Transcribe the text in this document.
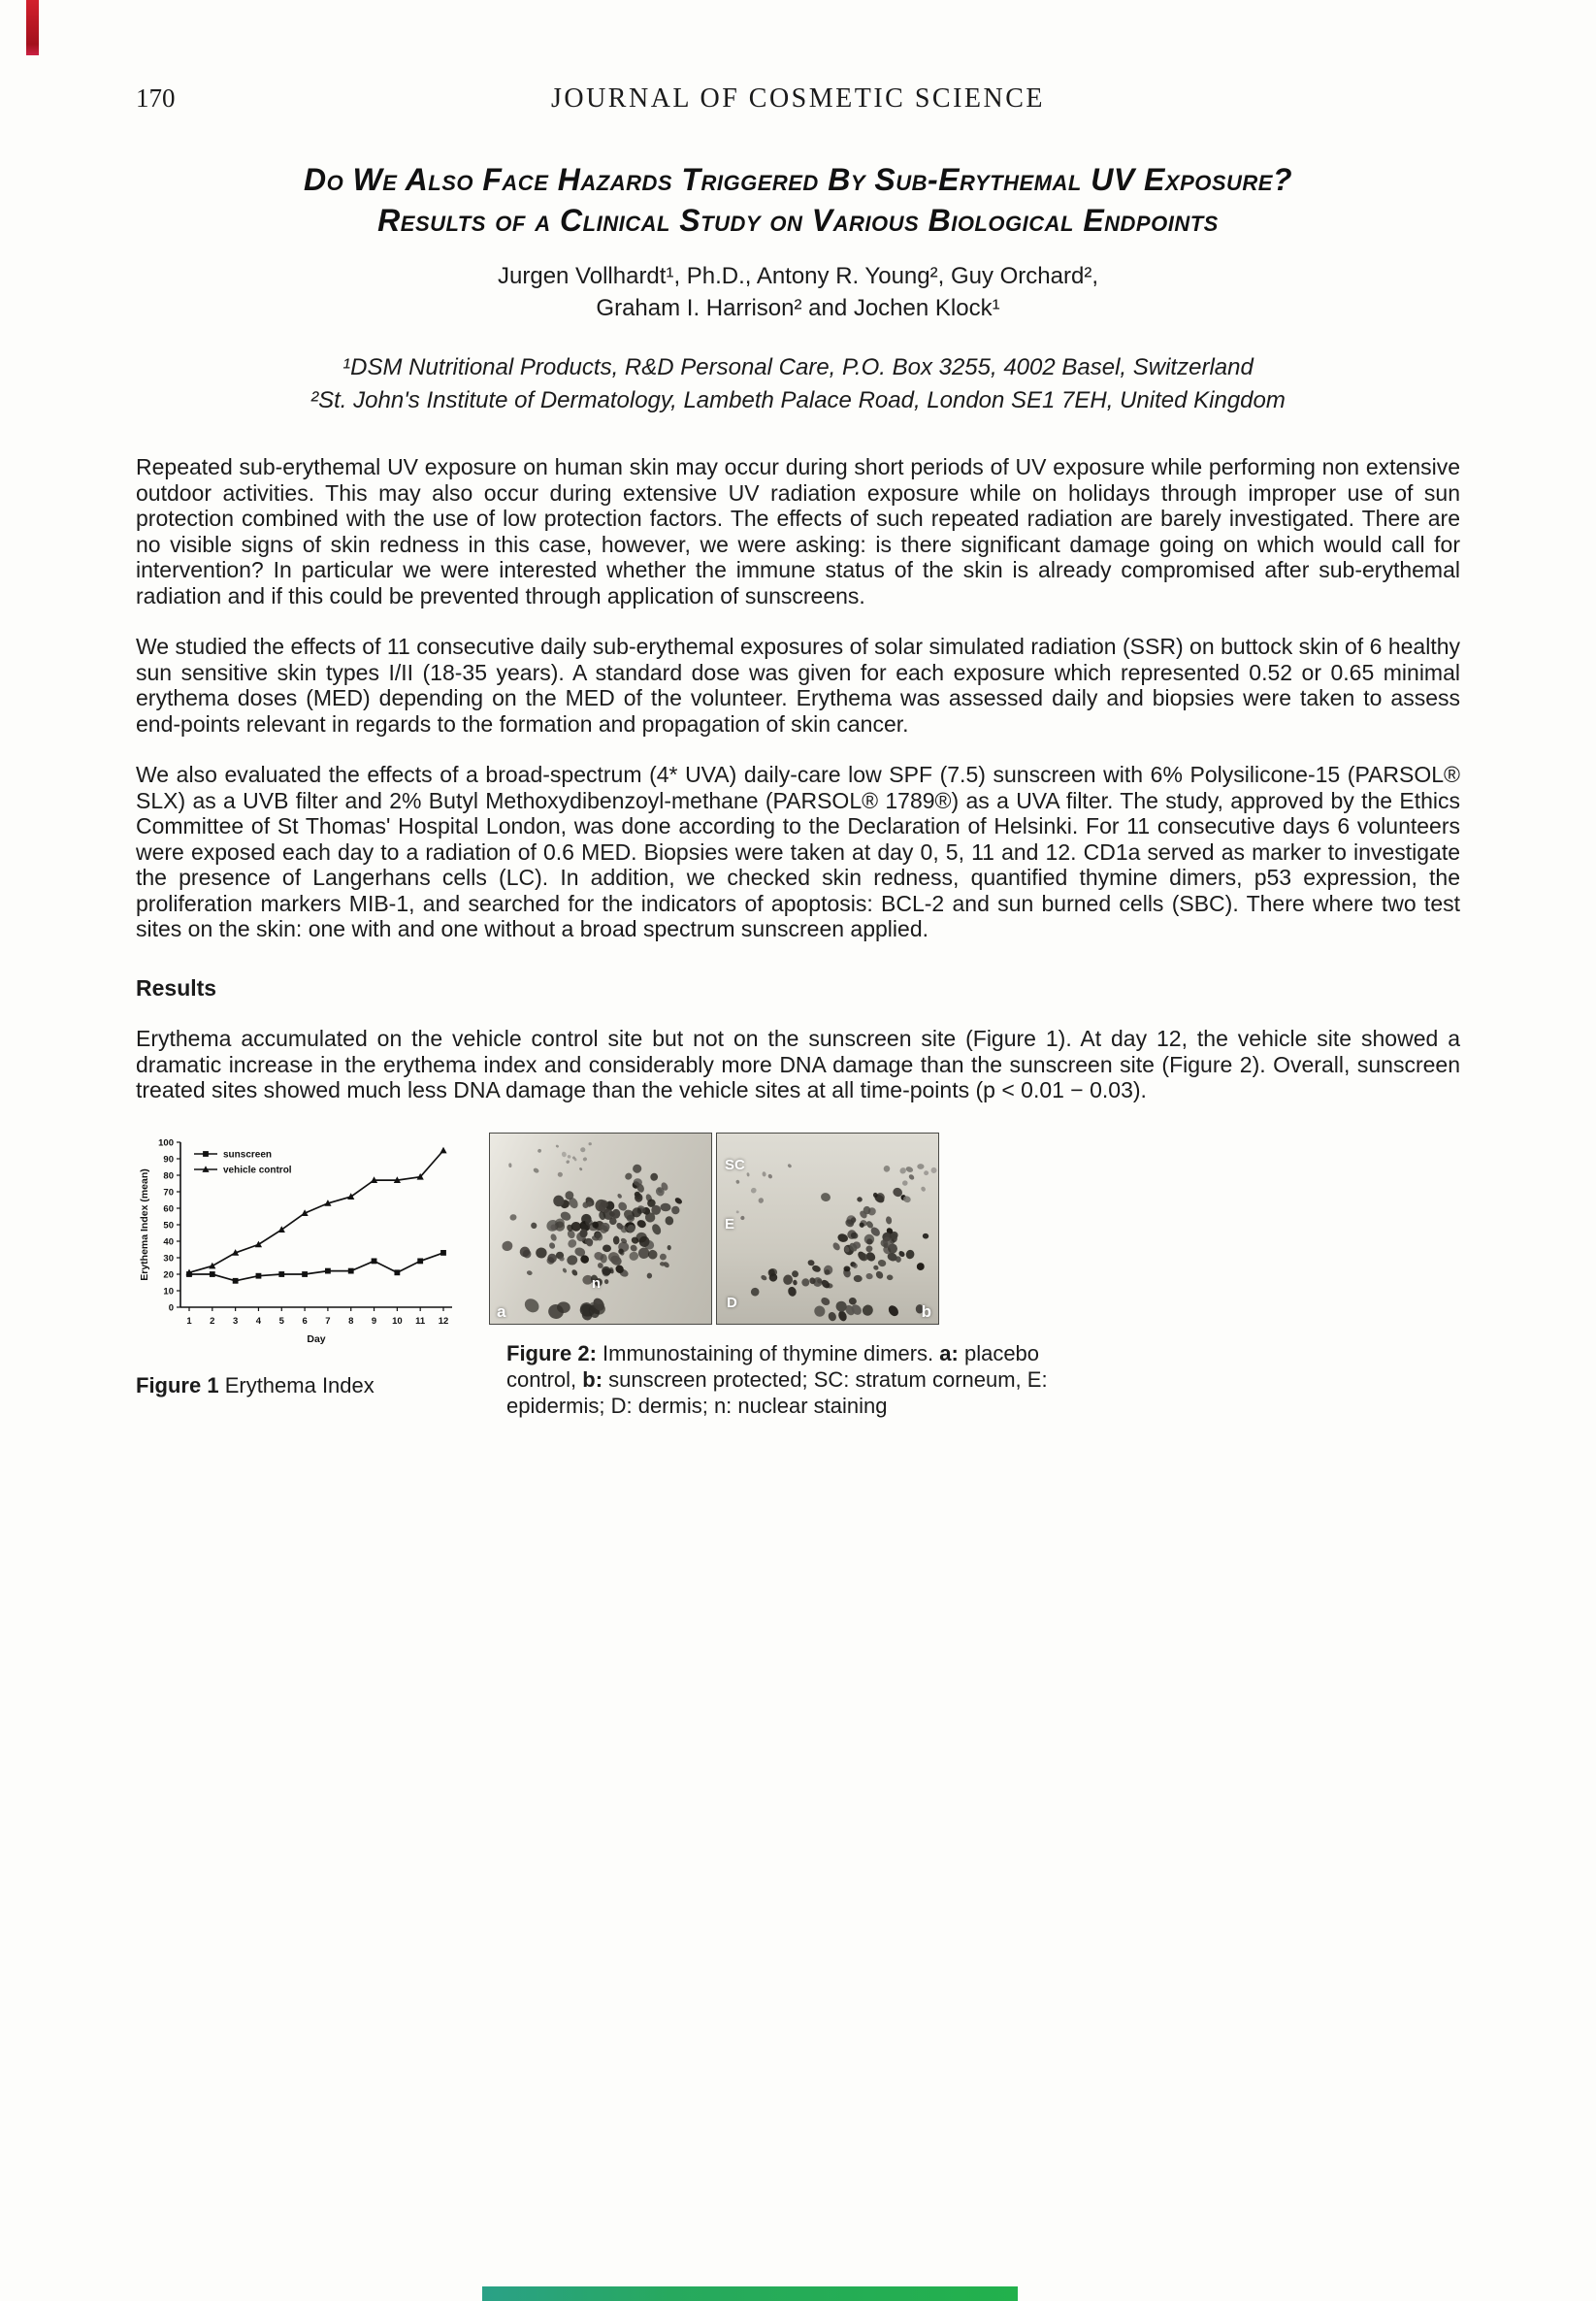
170	JOURNAL OF COSMETIC SCIENCE
Do We Also Face Hazards Triggered By Sub-Erythemal UV Exposure?
Results of a Clinical Study on Various Biological Endpoints
Jurgen Vollhardt¹, Ph.D., Antony R. Young², Guy Orchard²,
Graham I. Harrison² and Jochen Klock¹
¹DSM Nutritional Products, R&D Personal Care, P.O. Box 3255, 4002 Basel, Switzerland
²St. John's Institute of Dermatology, Lambeth Palace Road, London SE1 7EH, United Kingdom

Repeated sub-erythemal UV exposure on human skin may occur during short periods of UV exposure while performing non extensive outdoor activities. This may also occur during extensive UV radiation exposure while on holidays through improper use of sun protection combined with the use of low protection factors. The effects of such repeated radiation are barely investigated. There are no visible signs of skin redness in this case, however, we were asking: is there significant damage going on which would call for intervention? In particular we were interested whether the immune status of the skin is already compromised after sub-erythemal radiation and if this could be prevented through application of sunscreens.

We studied the effects of 11 consecutive daily sub-erythemal exposures of solar simulated radiation (SSR) on buttock skin of 6 healthy sun sensitive skin types I/II (18-35 years). A standard dose was given for each exposure which represented 0.52 or 0.65 minimal erythema doses (MED) depending on the MED of the volunteer. Erythema was assessed daily and biopsies were taken to assess end-points relevant in regards to the formation and propagation of skin cancer.

We also evaluated the effects of a broad-spectrum (4* UVA) daily-care low SPF (7.5) sunscreen with 6% Polysilicone-15 (PARSOL® SLX) as a UVB filter and 2% Butyl Methoxydibenzoyl-methane (PARSOL® 1789®) as a UVA filter. The study, approved by the Ethics Committee of St Thomas' Hospital London, was done according to the Declaration of Helsinki. For 11 consecutive days 6 volunteers were exposed each day to a radiation of 0.6 MED. Biopsies were taken at day 0, 5, 11 and 12. CD1a served as marker to investigate the presence of Langerhans cells (LC). In addition, we checked skin redness, quantified thymine dimers, p53 expression, the proliferation markers MIB-1, and searched for the indicators of apoptosis: BCL-2 and sun burned cells (SBC). There where two test sites on the skin: one with and one without a broad spectrum sunscreen applied.

Results

Erythema accumulated on the vehicle control site but not on the sunscreen site (Figure 1). At day 12, the vehicle site showed a dramatic increase in the erythema index and considerably more DNA damage than the sunscreen site (Figure 2). Overall, sunscreen treated sites showed much less DNA damage than the vehicle sites at all time-points (p < 0.01 − 0.03).

0
10
20
30
40
50
60
70
80
90
100
1 2 3 4 5 6 7 8 9 10 11 12
Day
Erythema Index (mean)
sunscreen
vehicle control
Figure 1 Erythema Index
a
n
SC
E
D	b
Figure 2: Immunostaining of thymine dimers. a: placebo control, b: sunscreen protected; SC: stratum corneum, E: epidermis; D: dermis; n: nuclear staining
